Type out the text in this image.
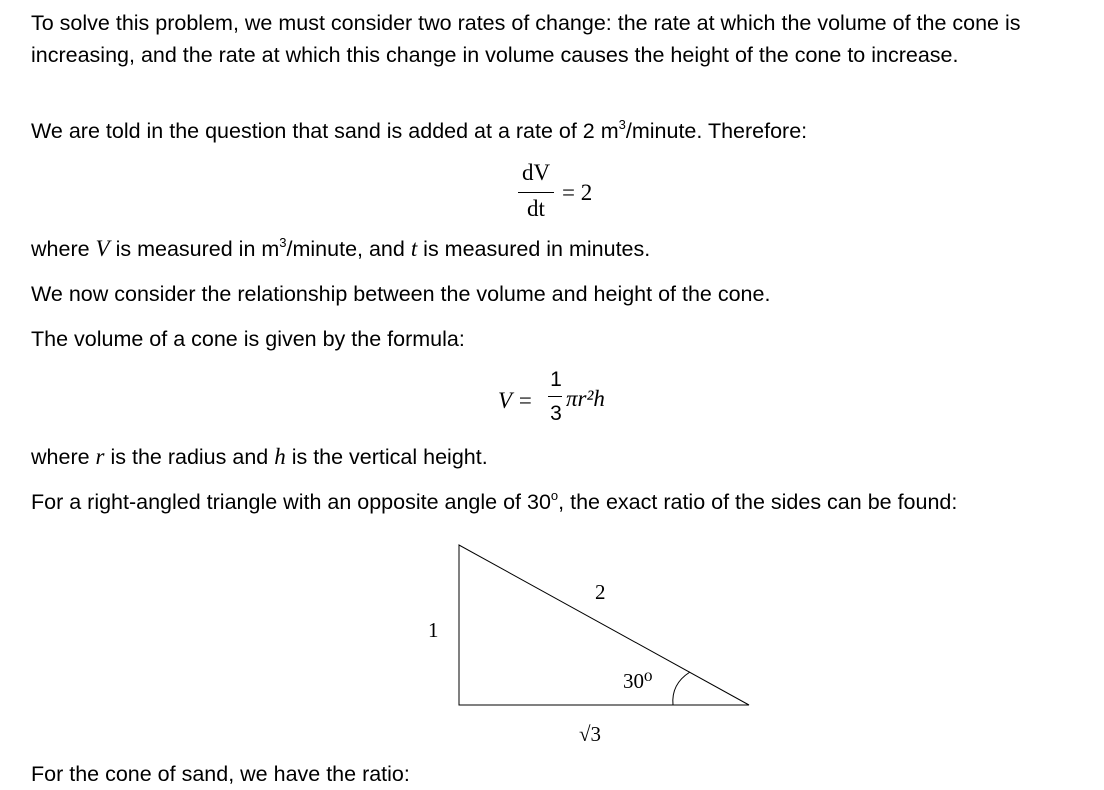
To solve this problem, we must consider two rates of change: the rate at which the volume of the cone is increasing, and the rate at which this change in volume causes the height of the cone to increase.
We are told in the question that sand is added at a rate of 2 $m^3$/minute. Therefore:
dV
dt
= 2
where V is measured in $m^3$/minute, and t is measured in minutes.
We now consider the relationship between the volume and height of the cone.
The volume of a cone is given by the formula:
V =
1
3
πr²h
where r is the radius and h is the vertical height.
For a right-angled triangle with an opposite angle of 30$^o$, the exact ratio of the sides can be found:
1
2
30⁰
√3
For the cone of sand, we have the ratio:
